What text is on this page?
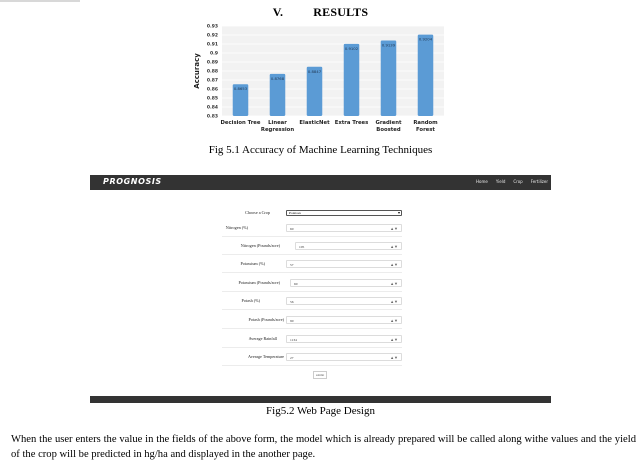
V.	RESULTS
0.93
0.92
0.91
0.9
0.89
0.88
0.87
0.86
0.85
0.84
0.83
Accuracy	0.8653
Decision Tree
0.8768
Linear
Regression
0.8847
ElasticNet
0.9102
Extra Trees
0.9139
Gradient
Boosted
0.9204
Random
Forest
Fig 5.1 Accuracy of Machine Learning Techniques
PROGNOSIS	Home Yield Crop Fertilizer
Choose a Crop	Potatoes	▾
Nitrogen (%)	60	▲▼
Nitrogen (Pounds/acre)	105	▲▼
Potassium (%)	57	▲▼
Potassium (Pounds/acre)	60	▲▼
Potash (%)	56	▲▼
Potash (Pounds/acre)	90	▲▼
Average Rainfall	1134	▲▼
Average Temperature	27	▲▼
submit
Fig5.2 Web Page Design
When the user enters the value in the fields of the above form, the model which is already prepared will be called along withe values and the yield of the crop will be predicted in hg/ha and displayed in the another page.
